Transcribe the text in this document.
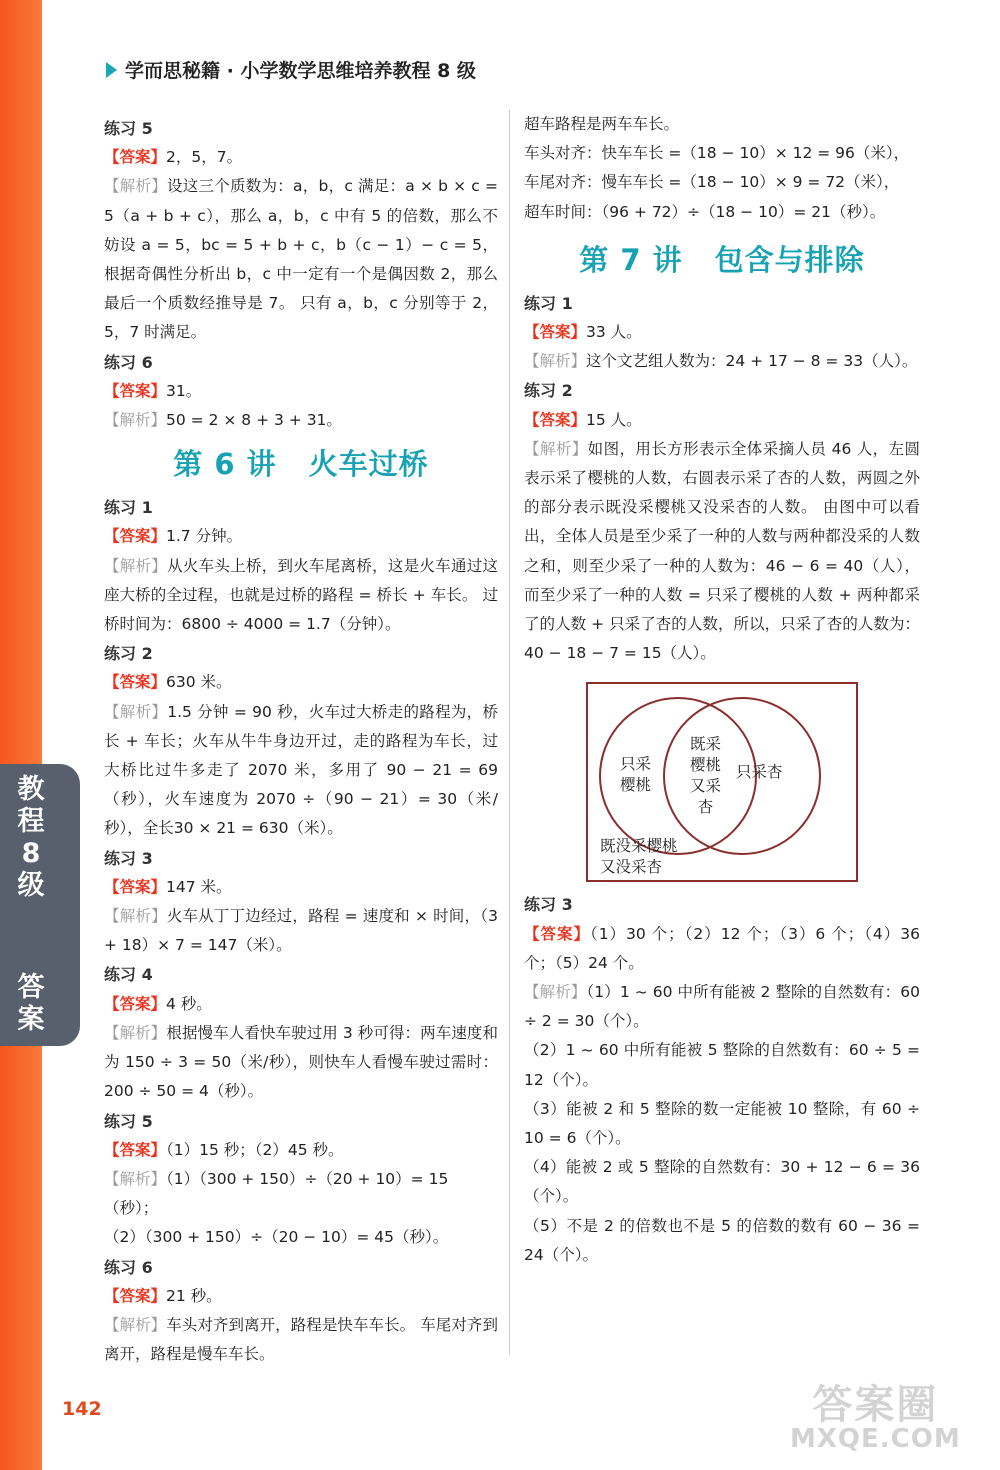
教
程
8
级
答
案
学而思秘籍 · 小学数学思维培养教程 8 级
练习 5
【答案】2，5，7。
【解析】设这三个质数为：a，b，c 满足：a × b × c = 5（a + b + c），那么 a，b，c 中有 5 的倍数，那么不妨设 a = 5，bc = 5 + b + c，b（c − 1）− c = 5，根据奇偶性分析出 b，c 中一定有一个是偶因数 2，那么最后一个质数经推导是 7。 只有 a，b，c 分别等于 2，5，7 时满足。
练习 6
【答案】31。
【解析】50 = 2 × 8 + 3 + 31。
第 6 讲 火车过桥
练习 1
【答案】1.7 分钟。
【解析】从火车头上桥，到火车尾离桥，这是火车通过这座大桥的全过程，也就是过桥的路程 = 桥长 + 车长。 过桥时间为：6800 ÷ 4000 = 1.7（分钟）。
练习 2
【答案】630 米。
【解析】1.5 分钟 = 90 秒，火车过大桥走的路程为，桥长 + 车长；火车从牛牛身边开过，走的路程为车长，过大桥比过牛多走了 2070 米，多用了 90 − 21 = 69（秒），火车速度为 2070 ÷（90 − 21）= 30（米/秒），全长30 × 21 = 630（米）。
练习 3
【答案】147 米。
【解析】火车从丁丁边经过，路程 = 速度和 × 时间，（3 + 18）× 7 = 147（米）。
练习 4
【答案】4 秒。
【解析】根据慢车人看快车驶过用 3 秒可得：两车速度和为 150 ÷ 3 = 50（米/秒），则快车人看慢车驶过需时：200 ÷ 50 = 4（秒）。
练习 5
【答案】（1）15 秒；（2）45 秒。
【解析】（1）（300 + 150）÷（20 + 10）= 15（秒）；
（2）（300 + 150）÷（20 − 10）= 45（秒）。
练习 6
【答案】21 秒。
【解析】车头对齐到离开，路程是快车车长。 车尾对齐到离开，路程是慢车车长。
超车路程是两车车长。
车头对齐：快车车长 =（18 − 10）× 12 = 96（米），
车尾对齐：慢车车长 =（18 − 10）× 9 = 72（米），
超车时间：（96 + 72）÷（18 − 10）= 21（秒）。
第 7 讲 包含与排除
练习 1
【答案】33 人。
【解析】这个文艺组人数为：24 + 17 − 8 = 33（人）。
练习 2
【答案】15 人。
【解析】如图，用长方形表示全体采摘人员 46 人，左圆表示采了樱桃的人数，右圆表示采了杏的人数，两圆之外的部分表示既没采樱桃又没采杏的人数。 由图中可以看出，全体人员是至少采了一种的人数与两种都没采的人数之和，则至少采了一种的人数为：46 − 6 = 40（人），而至少采了一种的人数 = 只采了樱桃的人数 + 两种都采了的人数 + 只采了杏的人数，所以，只采了杏的人数为：40 − 18 − 7 = 15（人）。
只采
樱桃
既采
樱桃
又采
杏
只采杏
既没采樱桃
又没采杏
练习 3
【答案】（1）30 个；（2）12 个；（3）6 个；（4）36 个；（5）24 个。
【解析】（1）1 ~ 60 中所有能被 2 整除的自然数有：60 ÷ 2 = 30（个）。
（2）1 ~ 60 中所有能被 5 整除的自然数有：60 ÷ 5 = 12（个）。
（3）能被 2 和 5 整除的数一定能被 10 整除，有 60 ÷ 10 = 6（个）。
（4）能被 2 或 5 整除的自然数有：30 + 12 − 6 = 36（个）。
（5）不是 2 的倍数也不是 5 的倍数的数有 60 − 36 = 24（个）。
142	答案圈
MXQE.COM
